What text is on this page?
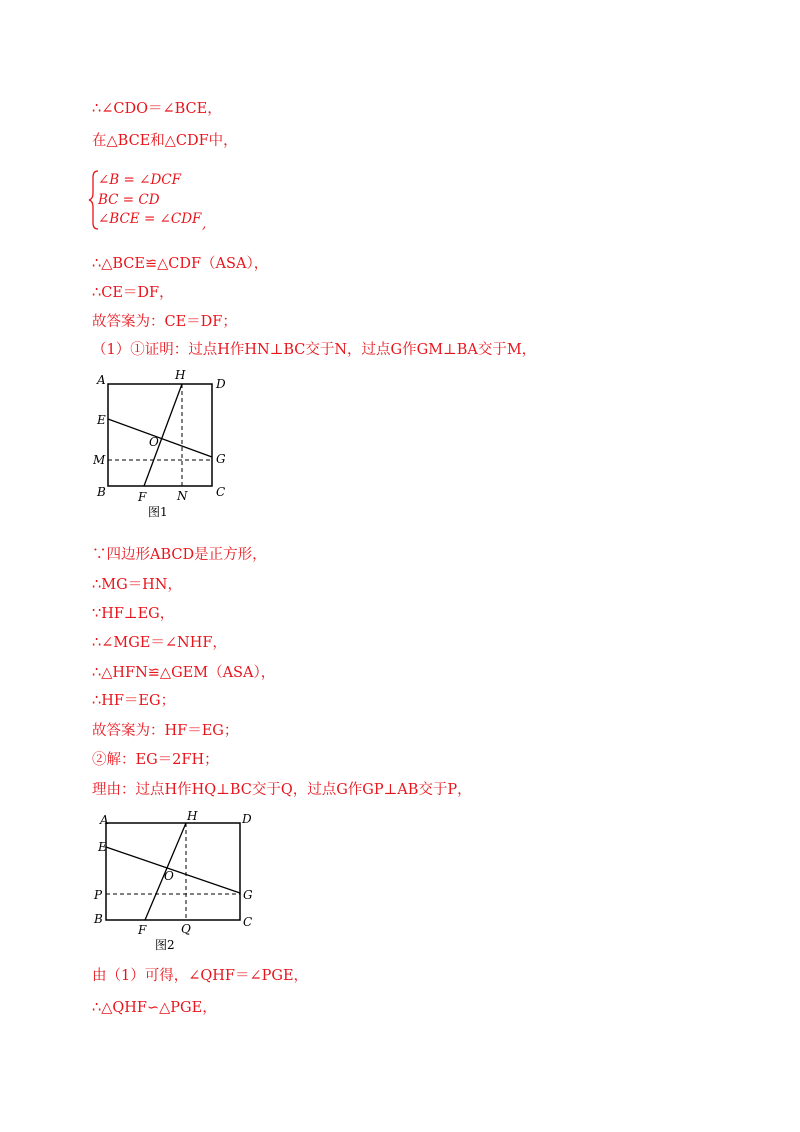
∴∠CDO＝∠BCE，
在△BCE和△CDF中，
∠B = ∠DCF
BC = CD
∠BCE = ∠CDF ,
∴△BCE≌△CDF（ASA），
∴CE＝DF，
故答案为：CE＝DF；
（1）①证明：过点H作HN⊥BC交于N，过点G作GM⊥BA交于M，
A	D
H
E
O
M	G
B	F	N C
图1
∵四边形ABCD是正方形，
∴MG＝HN，
∵HF⊥EG，
∴∠MGE＝∠NHF，
∴△HFN≌△GEM（ASA），
∴HF＝EG；
故答案为：HF＝EG；
②解：EG＝2FH；
理由：过点H作HQ⊥BC交于Q，过点G作GP⊥AB交于P，
A	D
H
E
O
P	G
B
F	Q	C
图2
由（1）可得，∠QHF＝∠PGE，
∴△QHF∽△PGE，
